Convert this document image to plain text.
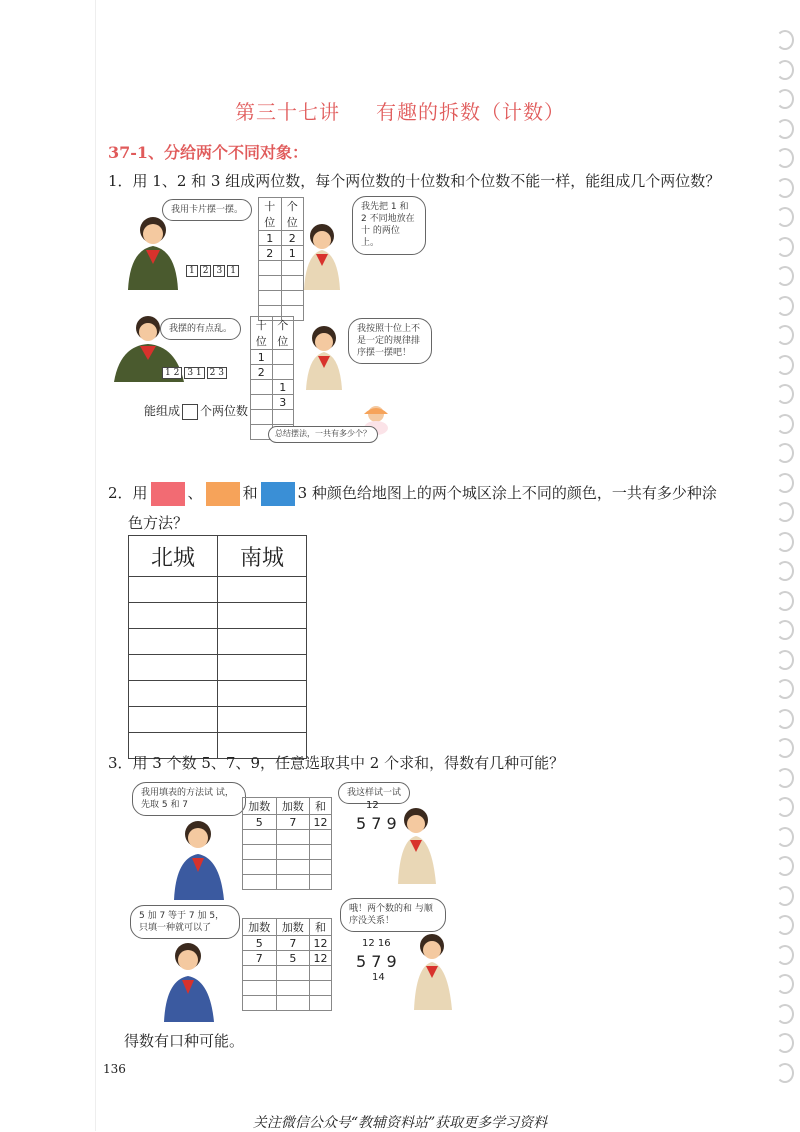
第三十七讲 有趣的拆数（计数）
37-1、分给两个不同对象：
1．用 1、2 和 3 组成两位数，每个两位数的十位数和个位数不能一样，能组成几个两位数？
我用卡片摆一摆。
1 2 3 1
十位	个位
1	2
2	1

我先把 1 和 2 不同地放在十 的两位上。
我摆的有点乱。
1 2 3 1 2 3
十位	个位
1	
2	
	1
	3

我按照十位上不 是一定的规律排 序摆一摆吧！
能组成 个两位数
总结摆法，一共有多少个？
2．用	、	和	3 种颜色给地图上的两个城区涂上不同的颜色，一共有多少种涂
色方法？
北城	南城

3．用 3 个数 5、7、9，任意选取其中 2 个求和，得数有几种可能？
我用填表的方法试 试，先取 5 和 7	加数	加数	和
5	7	12

我这样试一试
12
5 7 9
5 加 7 等于 7 加 5， 只填一种就可以了	加数	加数	和
5	7	12
7	5	12

哦！两个数的和 与顺序没关系！
12 16
5 7 9
14
得数有口种可能。
136
关注微信公众号“教辅资料站”获取更多学习资料
